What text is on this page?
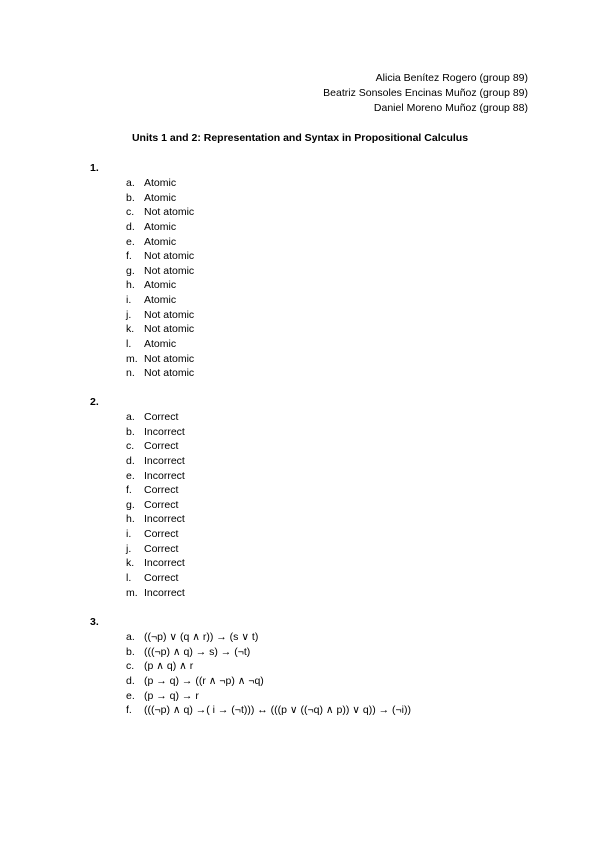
Alicia Benítez Rogero (group 89)
Beatriz Sonsoles Encinas Muñoz (group 89)
Daniel Moreno Muñoz (group 88)
Units 1 and 2: Representation and Syntax in Propositional Calculus
1.
a. Atomic
b. Atomic
c. Not atomic
d. Atomic
e. Atomic
f.	Not atomic
g. Not atomic
h. Atomic
i.	Atomic
j.	Not atomic
k. Not atomic
l.	Atomic
m. Not atomic
n. Not atomic
2.
a. Correct
b. Incorrect
c. Correct
d. Incorrect
e. Incorrect
f.	Correct
g. Correct
h. Incorrect
i.	Correct
j.	Correct
k. Incorrect
l.	Correct
m. Incorrect
3.
a. ((¬p) ∨ (q ∧ r)) → (s ∨ t)
b. (((¬p) ∧ q) → s) → (¬t)
c. (p ∧ q) ∧ r
d. (p → q) → ((r ∧ ¬p) ∧ ¬q)
e. (p → q) → r
f.	(((¬p) ∧ q) →( i → (¬t))) ↔ (((p ∨ ((¬q) ∧ p)) ∨ q)) → (¬i))
